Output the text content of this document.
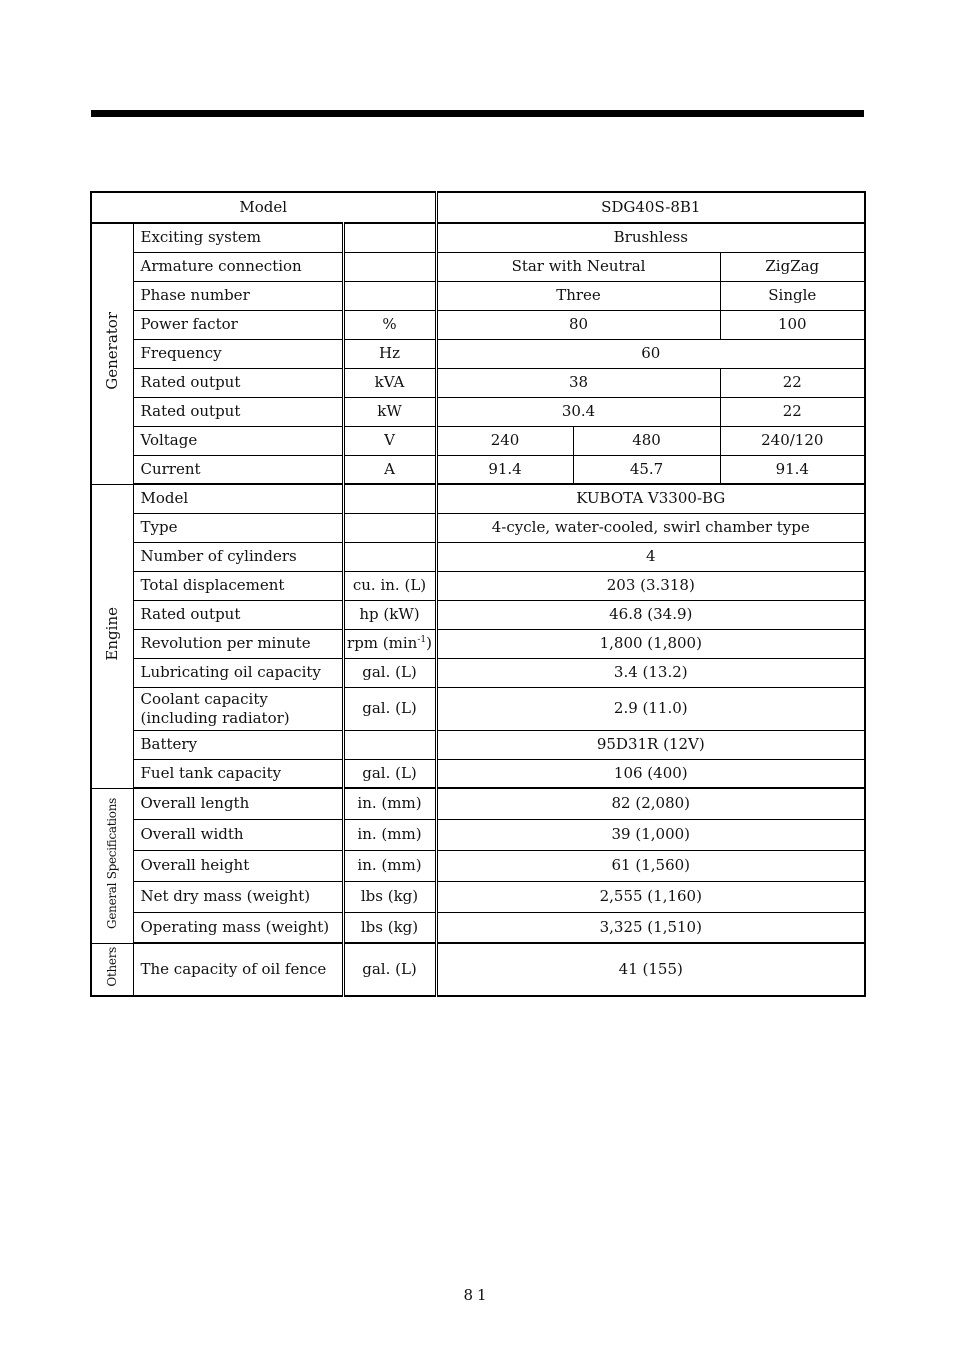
Model			SDG40S-8B1		
Generator	Exciting system		Brushless		
	Armature connection		Star with Neutral		ZigZag
	Phase number		Three		Single
	Power factor	%	80		100
	Frequency	Hz	60		
	Rated output	kVA	38		22
	Rated output	kW	30.4		22
	Voltage	V	240	480	240/120
	Current	A	91.4	45.7	91.4
Engine	Model		KUBOTA V3300-BG		
	Type		4-cycle, water-cooled, swirl chamber type		
	Number of cylinders		4		
	Total displacement	cu. in. (L)	203 (3.318)		
	Rated output	hp (kW)	46.8 (34.9)		
	Revolution per minute	rpm $(\min^{-1})$	1,800 (1,800)		
	Lubricating oil capacity	gal. (L)	3.4 (13.2)		

	Coolant capacity
(including radiator)	gal. (L)	2.9 (11.0)		
	Battery		95D31R (12V)		
	Fuel tank capacity	gal. (L)	106 (400)		
General Specifications	Overall length	in. (mm)	82 (2,080)		
	Overall width	in. (mm)	39 (1,000)		
	Overall height	in. (mm)	61 (1,560)		
	Net dry mass (weight)	lbs (kg)	2,555 (1,160)		
	Operating mass (weight)	lbs (kg)	3,325 (1,510)		
Others	The capacity of oil fence	gal. (L)	41 (155)		
81
